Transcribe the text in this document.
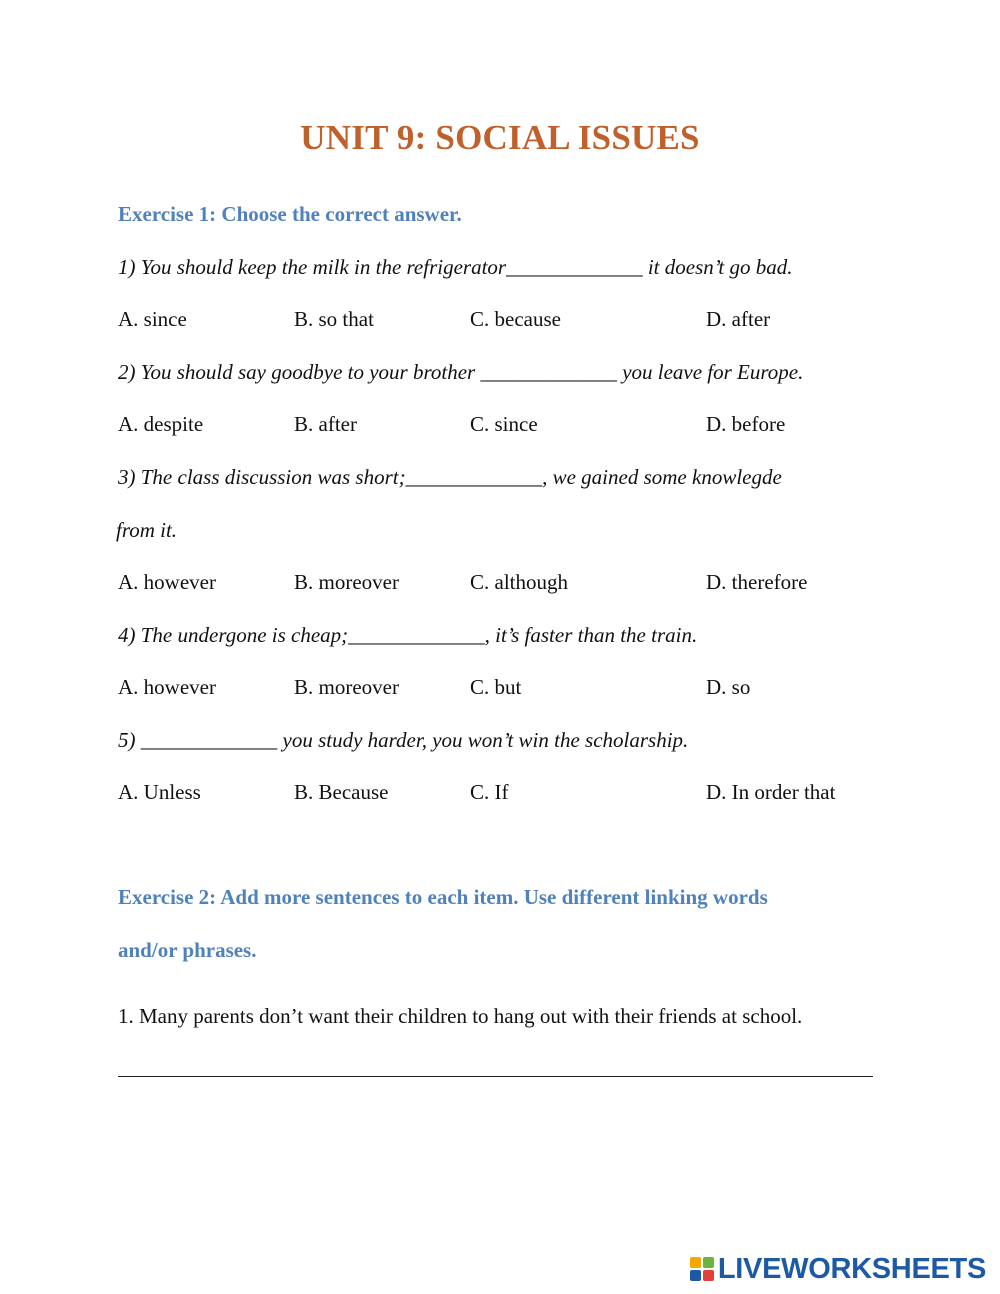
UNIT 9: SOCIAL ISSUES
Exercise 1: Choose the correct answer.
1) You should keep the milk in the refrigerator_____________ it doesn’t go bad.
A. since	B. so that	C. because	D. after
2) You should say goodbye to your brother _____________ you leave for Europe.
A. despite	B. after	C. since	D. before
3) The class discussion was short;_____________, we gained some knowlegde
from it.
A. however	B. moreover	C. although	D. therefore
4) The undergone is cheap;_____________, it’s faster than the train.
A. however	B. moreover	C. but	D. so
5) _____________ you study harder, you won’t win the scholarship.
A. Unless	B. Because	C. If	D. In order that
Exercise 2: Add more sentences to each item. Use different linking words
and/or phrases.
1. Many parents don’t want their children to hang out with their friends at school.
LIVEWORKSHEETS
